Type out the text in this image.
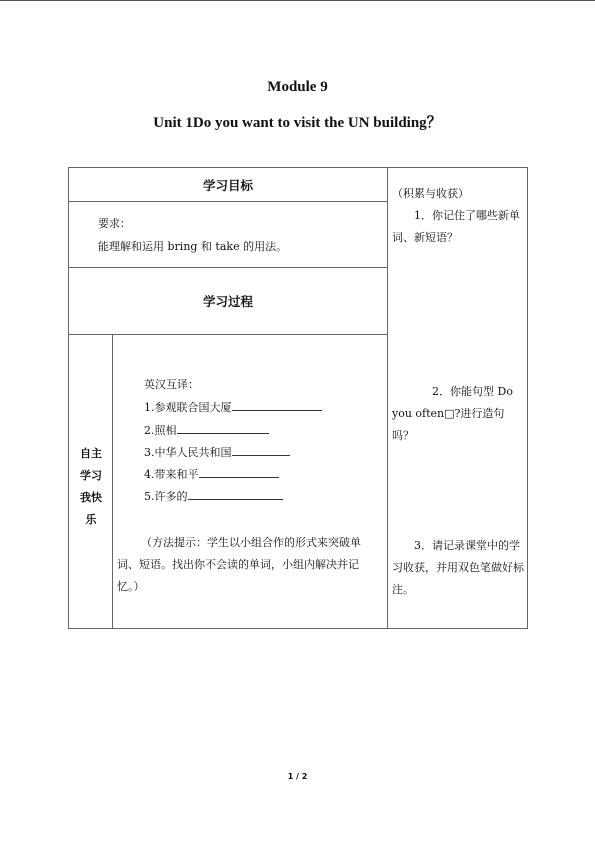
Module 9
Unit 1Do you want to visit the UN building？
学习目标
要求：
能理解和运用 bring 和 take 的用法。
学习过程
自主
学习
我快
乐
英汉互译：
1.参观联合国大厦
2.照相
3.中华人民共和国
4.带来和平
5.许多的
（方法提示：学生以小组合作的形式来突破单词、短语。找出你不会读的单词，小组内解决并记忆。）
（积累与收获）
1．你记住了哪些新单词、新短语？
2．你能句型 Do you often□?进行造句吗？
3．请记录课堂中的学习收获，并用双色笔做好标注。
1 / 2
